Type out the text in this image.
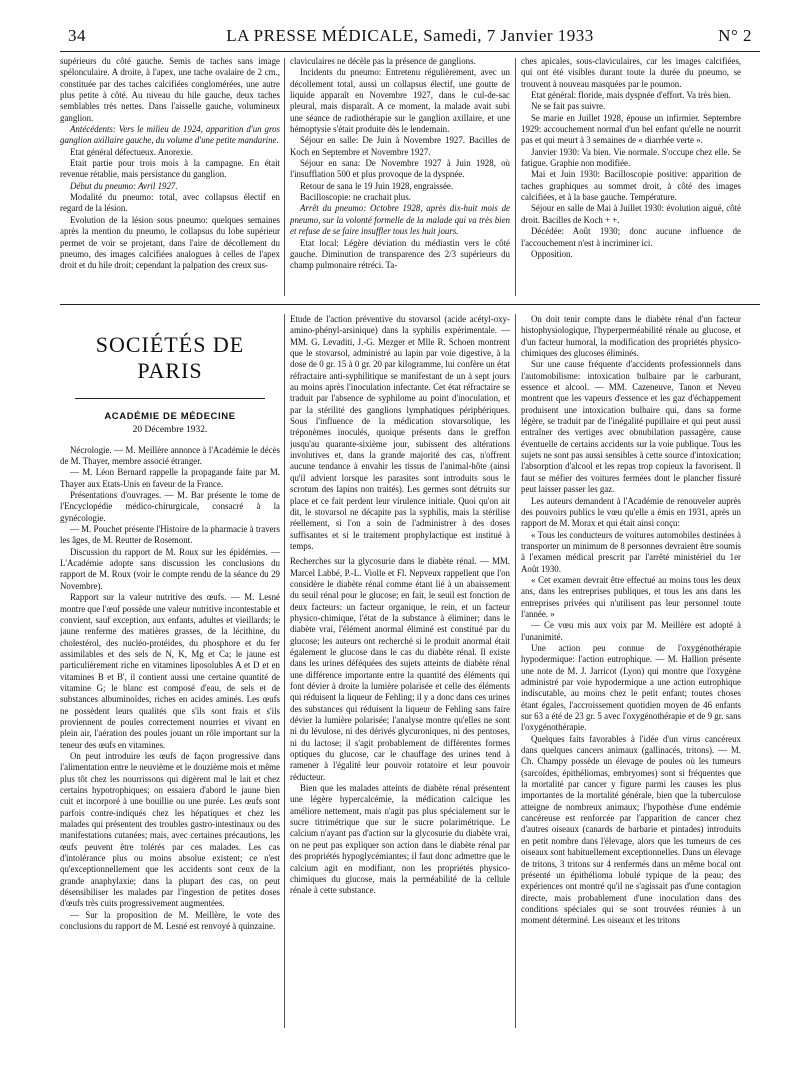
34	LA PRESSE MÉDICALE, Samedi, 7 Janvier 1933	N° 2

supérieurs du côté gauche. Semis de taches sans image spélonculaire. A droite, à l'apex, une tache ovalaire de 2 cm., constituée par des taches calcifiées conglomérées, une autre plus petite à côté. Au niveau du hile gauche, deux taches semblables très nettes. Dans l'aisselle gauche, volumineux ganglion.

Antécédents: Vers le milieu de 1924, apparition d'un gros ganglion axillaire gauche, du volume d'une petite mandarine.

Etat général défectueux. Anorexie.

Etait partie pour trois mois à la campagne. En était revenue rétablie, mais persistance du ganglion.

Début du pneumo: Avril 1927.

Modalité du pneumo: total, avec collapsus électif en regard de la lésion.

Evolution de la lésion sous pneumo: quelques semaines après la mention du pneumo, le collapsus du lobe supérieur permet de voir se projetant, dans l'aire de décollement du pneumo, des images calcifiées analogues à celles de l'apex droit et du hile droit; cependant la palpation des creux sus-

claviculaires ne décèle pas la présence de ganglions.

Incidents du pneumo: Entretenu régulièrement, avec un décollement total, aussi un collapsus électif, une goutte de liquide apparaît en Novembre 1927, dans le cul-de-sac pleural, mais disparaît. A ce moment, la malade avait subi une séance de radiothérapie sur le ganglion axillaire, et une hémoptysie s'était produite dès le lendemain.

Séjour en salle: De Juin à Novembre 1927. Bacilles de Koch en Septembre et Novembre 1927.

Séjour en sana: De Novembre 1927 à Juin 1928, où l'insufflation 500 et plus provoque de la dyspnée.

Retour de sana le 19 Juin 1928, engraissée.

Bacilloscopie: ne crachait plus.

Arrêt du pneumo: Octobre 1928, après dix-huit mois de pneumo, sur la volonté formelle de la malade qui va très bien et refuse de se faire insuffler tous les huit jours.

Etat local: Légère déviation du médiastin vers le côté gauche. Diminution de transparence des 2/3 supérieurs du champ pulmonaire rétréci. Ta-

ches apicales, sous-claviculaires, car les images calcifiées, qui ont été visibles durant toute la durée du pneumo, se trouvent à nouveau masquées par le poumon.

Etat général: floride, mais dyspnée d'effort. Va très bien.

Ne se fait pas suivre.

Se marie en Juillet 1928, épouse un infirmier. Septembre 1929: accouchement normal d'un bel enfant qu'elle ne nourrit pas et qui meurt à 3 semaines de « diarrhée verte ».

Janvier 1930: Va bien. Vie normale. S'occupe chez elle. Se fatigue. Graphie non modifiée.

Mai et Juin 1930: Bacilloscopie positive: apparition de taches graphiques au sommet droit, à côté des images calcifiées, et à la base gauche. Température.

Séjour en salle de Mai à Juillet 1930: évolution aiguë, côté droit. Bacilles de Koch + +.

Décédée: Août 1930; donc aucune influence de l'accouchement n'est à incriminer ici.

Opposition.

SOCIÉTÉS DE PARIS
ACADÉMIE DE MÉDECINE
20 Décembre 1932.

Nécrologie. — M. Meillère annonce à l'Académie le décès de M. Thayer, membre associé étranger.

— M. Léon Bernard rappelle la propagande faite par M. Thayer aux Etats-Unis en faveur de la France.

Présentations d'ouvrages. — M. Bar présente le tome de l'Encyclopédie médico-chirurgicale, consacré à la gynécologie.

— M. Pouchet présente l'Histoire de la pharmacie à travers les âges, de M. Reutter de Rosemont.

Discussion du rapport de M. Roux sur les épidémies. — L'Académie adopte sans discussion les conclusions du rapport de M. Roux (voir le compte rendu de la séance du 29 Novembre).

Rapport sur la valeur nutritive des œufs. — M. Lesné montre que l'œuf possède une valeur nutritive incontestable et convient, sauf exception, aux enfants, adultes et vieillards; le jaune renferme des matières grasses, de la lécithine, du cholestérol, des nucléo-protéides, du phosphore et du fer assimilables et des sels de N, K, Mg et Ca; le jaune est particulièrement riche en vitamines liposolubles A et D et en vitamines B et B', il contient aussi une certaine quantité de vitamine G; le blanc est composé d'eau, de sels et de substances albuminoïdes, riches en acides aminés. Les œufs ne possèdent leurs qualités que s'ils sont frais et s'ils proviennent de poules correctement nourries et vivant en plein air, l'aération des poules jouant un rôle important sur la teneur des œufs en vitamines.

On peut introduire les œufs de façon progressive dans l'alimentation entre le neuvième et le douzième mois et même plus tôt chez les nourrissons qui digèrent mal le lait et chez certains hypotrophiques; on essaiera d'abord le jaune bien cuit et incorporé à une bouillie ou une purée. Les œufs sont parfois contre-indiqués chez les hépatiques et chez les malades qui présentent des troubles gastro-intestinaux ou des manifestations cutanées; mais, avec certaines précautions, les œufs peuvent être tolérés par ces malades. Les cas d'intolérance plus ou moins absolue existent; ce n'est qu'exceptionnellement que les accidents sont ceux de la grande anaphylaxie; dans la plupart des cas, on peut désensibiliser les malades par l'ingestion de petites doses d'œufs très cuits progressivement augmentées.

— Sur la proposition de M. Meillère, le vote des conclusions du rapport de M. Lesné est renvoyé à quinzaine.

Etude de l'action préventive du stovarsol (acide acétyl-oxy-amino-phényl-arsinique) dans la syphilis expérimentale. — MM. G. Levaditi, J.-G. Mezger et Mlle R. Schoen montrent que le stovarsol, administré au lapin par voie digestive, à la dose de 0 gr. 15 à 0 gr. 20 par kilogramme, lui confère un état réfractaire anti-syphilitique se manifestant de un à sept jours au moins après l'inoculation infectante. Cet état réfractaire se traduit par l'absence de syphilome au point d'inoculation, et par la stérilité des ganglions lymphatiques périphériques. Sous l'influence de la médication stovarsolique, les tréponèmes inoculés, quoique présents dans le greffon jusqu'au quarante-sixième jour, subissent des altérations involutives et, dans la grande majorité des cas, n'offrent aucune tendance à envahir les tissus de l'animal-hôte (ainsi qu'il advient lorsque les parasites sont introduits sous le scrotum des lapins non traités). Les germes sont détruits sur place et ce fait perdent leur virulence initiale. Quoi qu'on ait dit, le stovarsol ne décapite pas la syphilis, mais la stérilise réellement, si l'on a soin de l'administrer à des doses suffisantes et si le traitement prophylactique est institué à temps.

Recherches sur la glycosurie dans le diabète rénal. — MM. Marcel Labbé, P.-L. Violle et Fl. Nepveux rappellent que l'on considère le diabète rénal comme étant lié à un abaissement du seuil rénal pour le glucose; en fait, le seuil est fonction de deux facteurs: un facteur organique, le rein, et un facteur physico-chimique, l'état de la substance à éliminer; dans le diabète vrai, l'élément anormal éliminé est constitué par du glucose; les auteurs ont recherché si le produit anormal était également le glucose dans le cas du diabète rénal. Il existe dans les urines déféquées des sujets atteints de diabète rénal une différence importante entre la quantité des éléments qui font dévier à droite la lumière polarisée et celle des éléments qui réduisent la liqueur de Fehling; il y a donc dans ces urines des substances qui réduisent la liqueur de Fehling sans faire dévier la lumière polarisée; l'analyse montre qu'elles ne sont ni du lévulose, ni des dérivés glycuroniques, ni des pentoses, ni du lactose; il s'agit probablement de différentes formes optiques du glucose, car le chauffage des urines tend à ramener à l'égalité leur pouvoir rotatoire et leur pouvoir réducteur.

Bien que les malades atteints de diabète rénal présentent une légère hypercalcémie, la médication calcique les améliore nettement, mais n'agit pas plus spécialement sur le sucre titrimétrique que sur le sucre polarimétrique. Le calcium n'ayant pas d'action sur la glycosurie du diabète vrai, on ne peut pas expliquer son action dans le diabète rénal par des propriétés hypoglycémiantes; il faut donc admettre que le calcium agit en modifiant, non les propriétés physico-chimiques du glucose, mais la perméabilité de la cellule rénale à cette substance.

On doit tenir compte dans le diabète rénal d'un facteur histophysiologique, l'hyperperméabilité rénale au glucose, et d'un facteur humoral, la modification des propriétés physico-chimiques des glucoses éliminés.

Sur une cause fréquente d'accidents professionnels dans l'automobilisme: intoxication bulbaire par le carburant, essence et alcool. — MM. Cazeneuve, Tanon et Neveu montrent que les vapeurs d'essence et les gaz d'échappement produisent une intoxication bulbaire qui, dans sa forme légère, se traduit par de l'inégalité pupillaire et qui peut aussi entraîner des vertiges avec obnubilation passagère, cause éventuelle de certains accidents sur la voie publique. Tous les sujets ne sont pas aussi sensibles à cette source d'intoxication; l'absorption d'alcool et les repas trop copieux la favorisent. Il faut se méfier des voitures fermées dont le plancher fissuré peut laisser passer les gaz.

Les auteurs demandent à l'Académie de renouveler auprès des pouvoirs publics le vœu qu'elle a émis en 1931, après un rapport de M. Morax et qui était ainsi conçu:

« Tous les conducteurs de voitures automobiles destinées à transporter un minimum de 8 personnes devraient être soumis à l'examen médical prescrit par l'arrêté ministériel du 1er Août 1930.

« Cet examen devrait être effectué au moins tous les deux ans, dans les entreprises publiques, et tous les ans dans les entreprises privées qui n'utilisent pas leur personnel toute l'année. »

— Ce vœu mis aux voix par M. Meillère est adopté à l'unanimité.

Une action peu connue de l'oxygénothérapie hypodermique: l'action eutrophique. — M. Hallion présente une note de M. J. Jarricot (Lyon) qui montre que l'oxygène administré par voie hypodermique a une action eutrophique indiscutable, au moins chez le petit enfant; toutes choses étant égales, l'accroissement quotidien moyen de 46 enfants sur 63 a été de 23 gr. 5 avec l'oxygénothérapie et de 9 gr. sans l'oxygénothérapie.

Quelques faits favorables à l'idée d'un virus cancéreux dans quelques cancers animaux (gallinacés, tritons). — M. Ch. Champy possède un élevage de poules où les tumeurs (sarcoïdes, épithéliomas, embryomes) sont si fréquentes que la mortalité par cancer y figure parmi les causes les plus importantes de la mortalité générale, bien que la tuberculose atteigne de nombreux animaux; l'hypothèse d'une endémie cancéreuse est renforcée par l'apparition de cancer chez d'autres oiseaux (canards de barbarie et pintades) introduits en petit nombre dans l'élevage, alors que les tumeurs de ces oiseaux sont habituellement exceptionnelles. Dans un élevage de tritons, 3 tritons sur 4 renfermés dans un même bocal ont présenté un épithélioma lobulé typique de la peau; des expériences ont montré qu'il ne s'agissait pas d'une contagion directe, mais probablement d'une inoculation dans des conditions spéciales qui se sont trouvées réunies à un moment déterminé. Les oiseaux et les tritons
